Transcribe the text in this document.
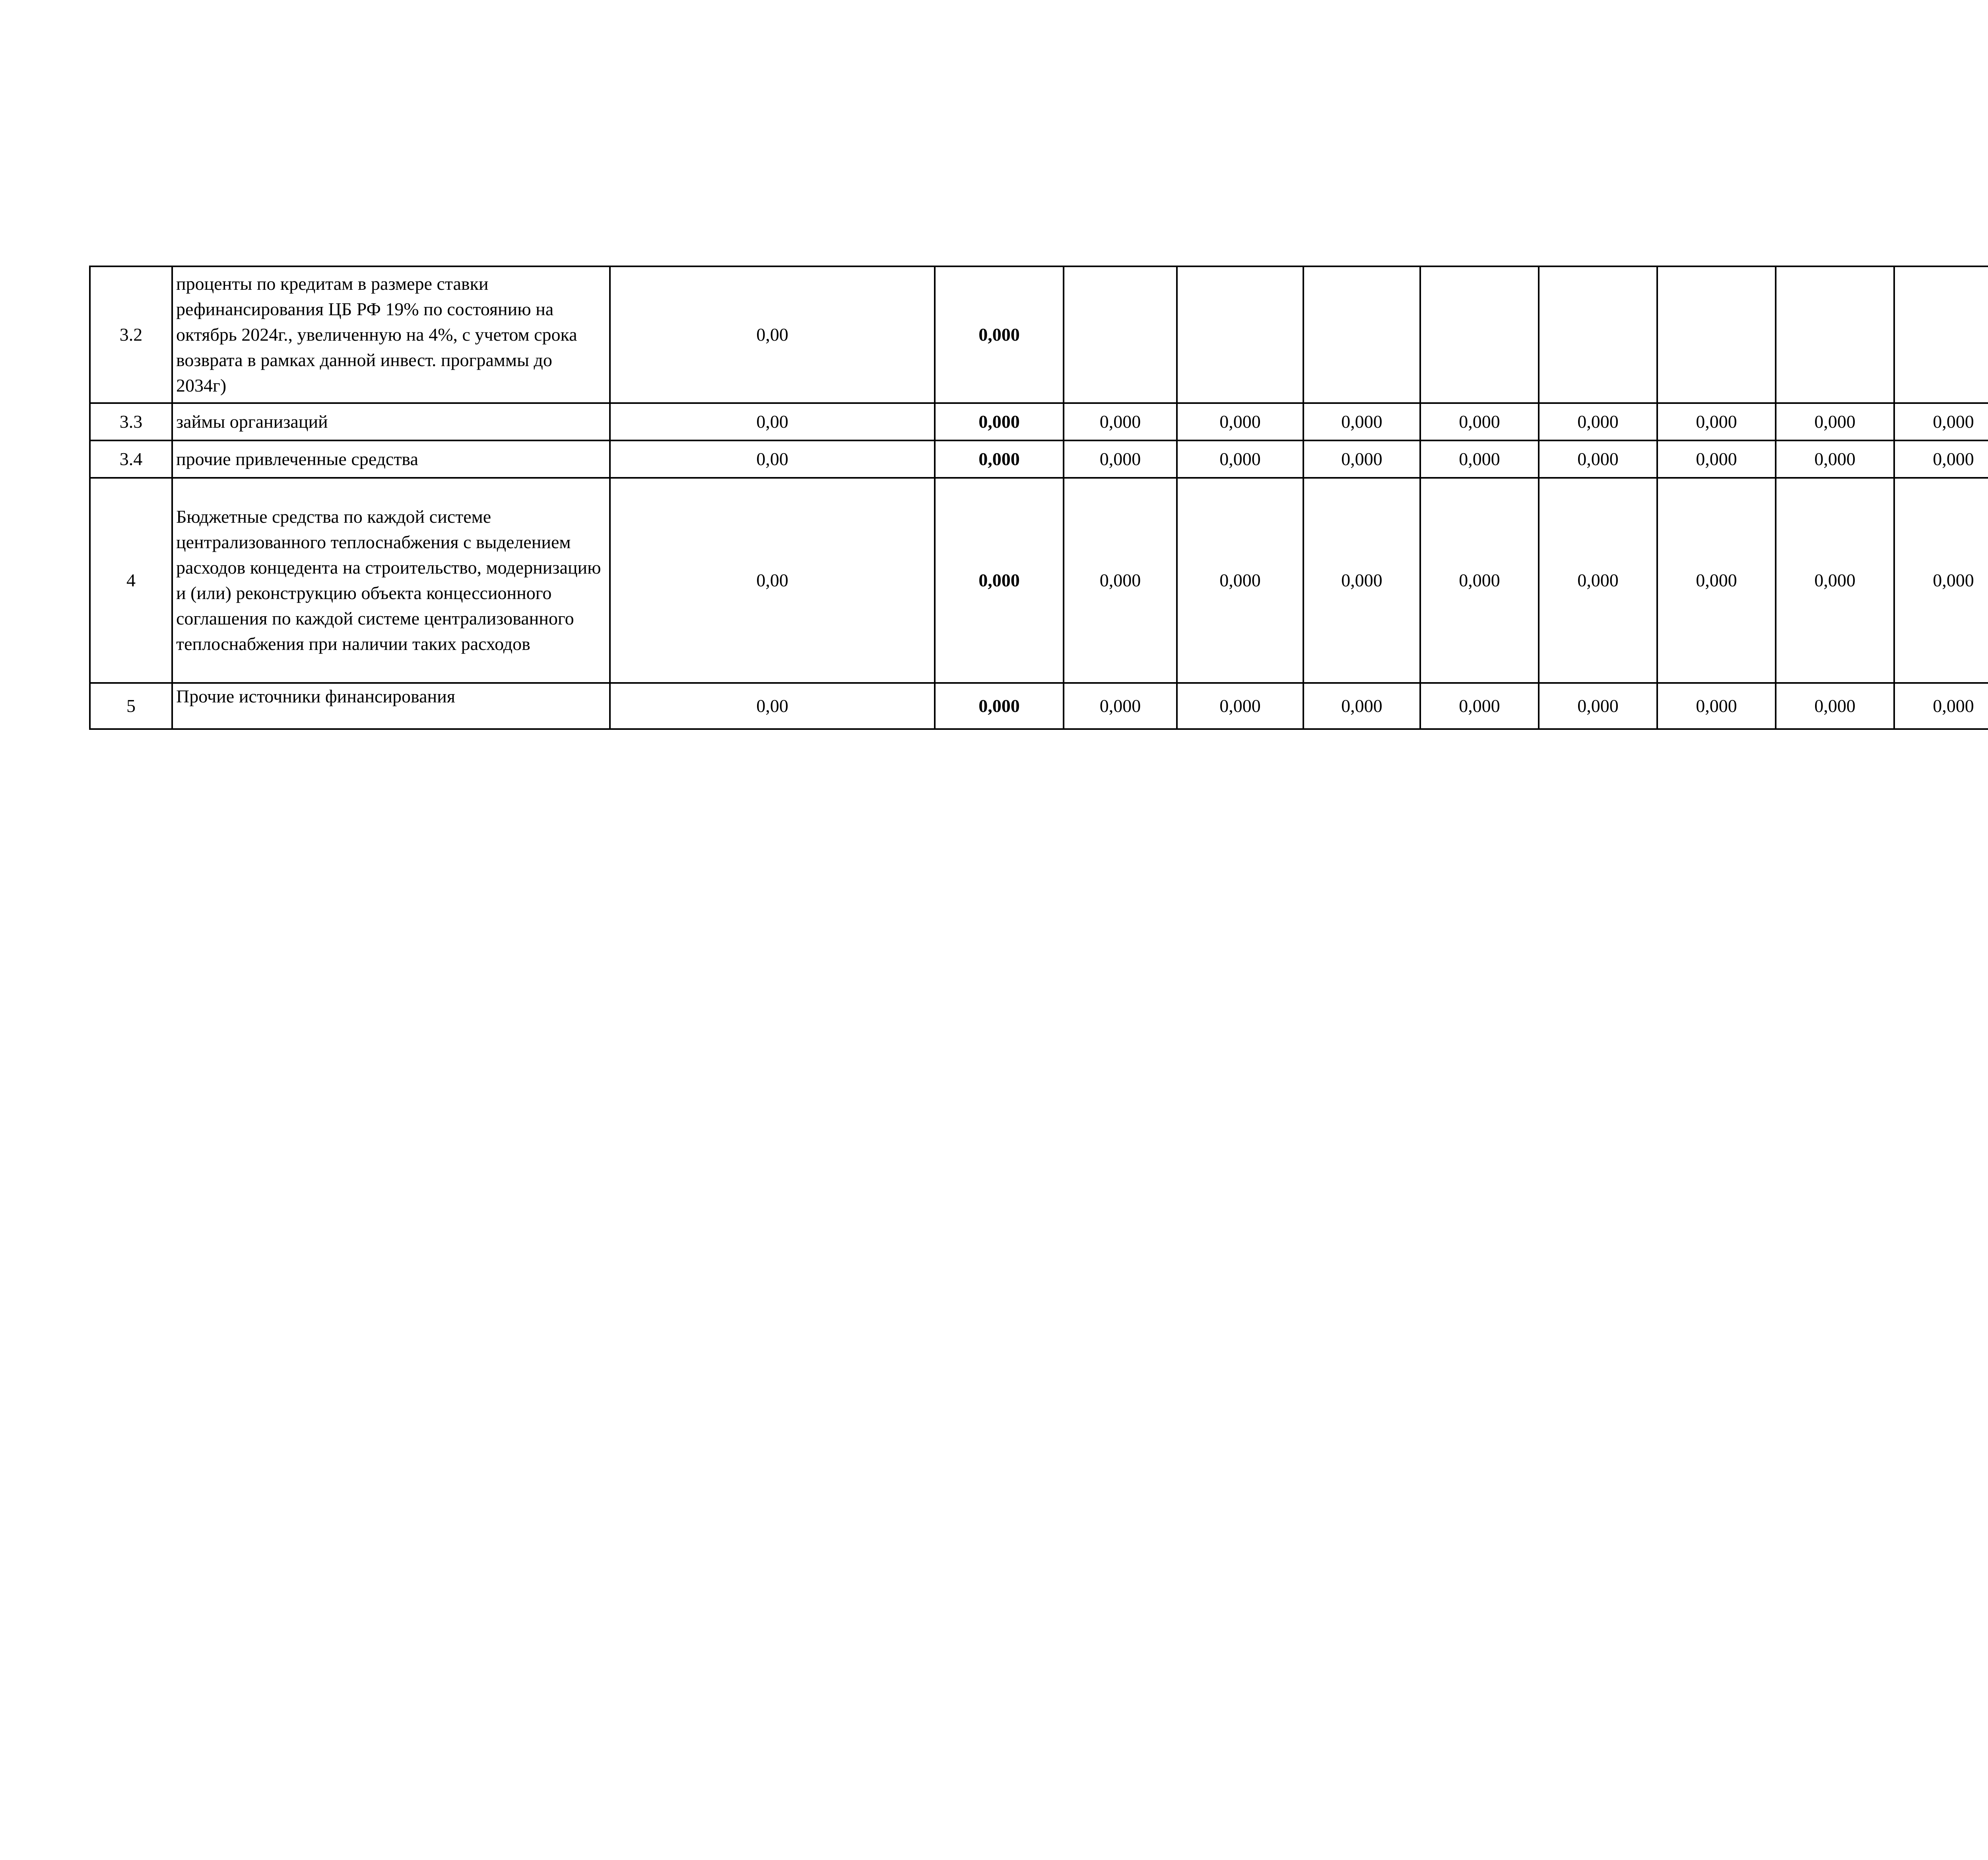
3.2	проценты по кредитам в размере ставки рефинансирования ЦБ РФ 19% по состоянию на октябрь 2024г., увеличенную на 4%, с учетом срока возврата в рамках данной инвест. программы до 2034г)	0,00	0,000											
3.3	займы организаций	0,00	0,000	0,000	0,000	0,000	0,000	0,000	0,000	0,000	0,000			
3.4	прочие привлеченные средства	0,00	0,000	0,000	0,000	0,000	0,000	0,000	0,000	0,000	0,000			
4	Бюджетные средства по каждой системе централизованного теплоснабжения с выделением расходов концедента на строительство, модернизацию и (или) реконструкцию объекта концессионного соглашения по каждой системе централизованного теплоснабжения при наличии таких расходов	0,00	0,000	0,000	0,000	0,000	0,000	0,000	0,000	0,000	0,000			
5	Прочие источники финансирования	0,00	0,000	0,000	0,000	0,000	0,000	0,000	0,000	0,000	0,000			
